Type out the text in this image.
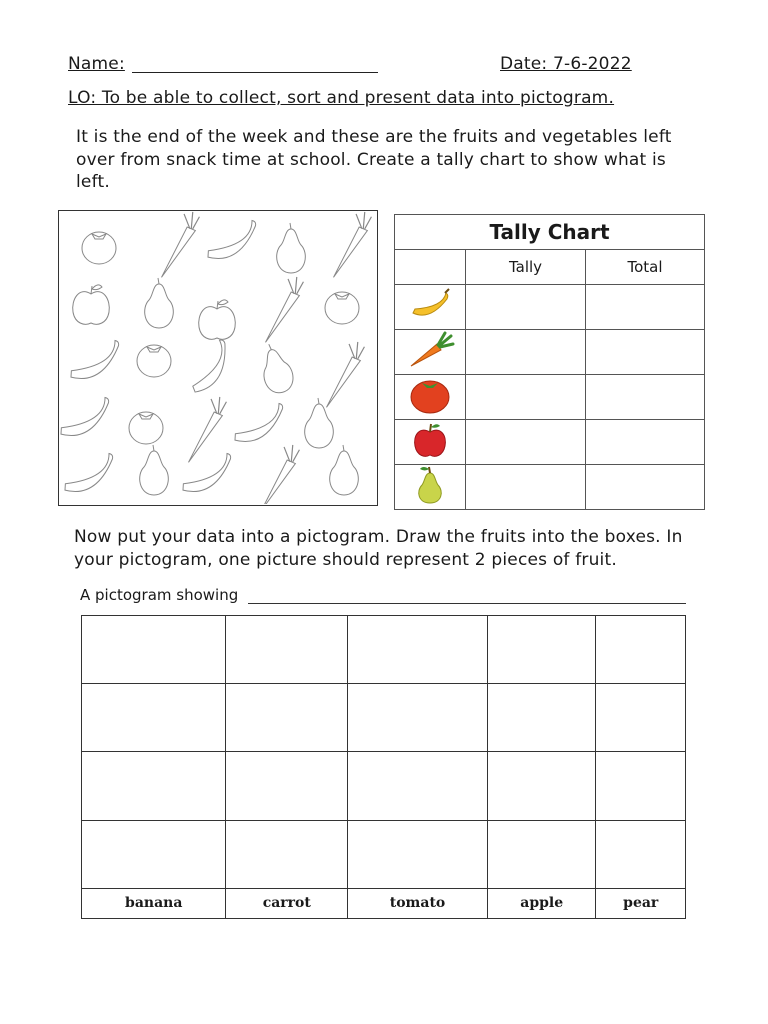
Name:	Date: 7-6-2022
LO: To be able to collect, sort and present data into pictogram.
It is the end of the week and these are the fruits and vegetables left over from snack time at school. Create a tally chart to show what is left.
Tally Chart		
	Tally	Total

Now put your data into a pictogram. Draw the fruits into the boxes. In your pictogram, one picture should represent 2 pieces of fruit.
A pictogram showing

banana	carrot	tomato	apple	pear
